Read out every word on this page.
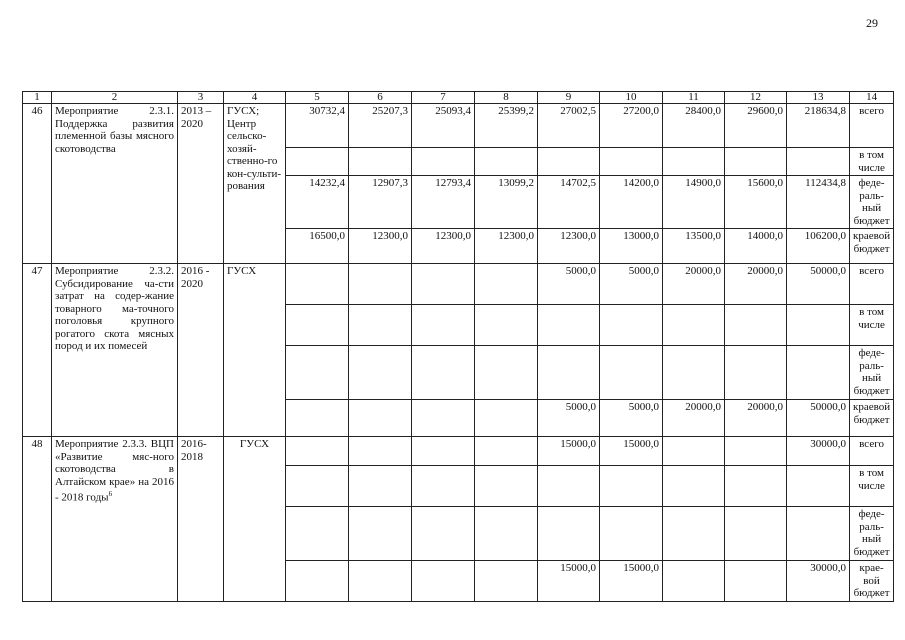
29
1	2	3	4	5	6	7	8	9	10	11	12	13	14
46	Мероприятие 2.3.1. Поддержка развития племенной базы мясного скотоводства	2013 – 2020	ГУСХ; Центр сельско-хозяй-ственно-го кон-сульти-рования	30732,4	25207,3	25093,4	25399,2	27002,5	27200,0	28400,0	29600,0	218634,8	всего
													в том числе
				14232,4	12907,3	12793,4	13099,2	14702,5	14200,0	14900,0	15600,0	112434,8	феде-раль-ный бюджет
				16500,0	12300,0	12300,0	12300,0	12300,0	13000,0	13500,0	14000,0	106200,0	краевой бюджет
47	Мероприятие 2.3.2. Субсидирование ча-сти затрат на содер-жание товарного ма-точного поголовья крупного рогатого скота мясных пород и их помесей	2016 - 2020	ГУСХ					5000,0	5000,0	20000,0	20000,0	50000,0	всего
													в том числе
													феде-раль-ный бюджет
								5000,0	5000,0	20000,0	20000,0	50000,0	краевой бюджет
48	Мероприятие 2.3.3. ВЦП «Развитие мяс-ного скотоводства в Алтайском крае» на 2016 - 2018 годы$^6$	2016- 2018	ГУСХ					15000,0	15000,0			30000,0	всего
													в том числе
													феде-раль-ный бюджет
								15000,0	15000,0			30000,0	крае-вой бюджет
